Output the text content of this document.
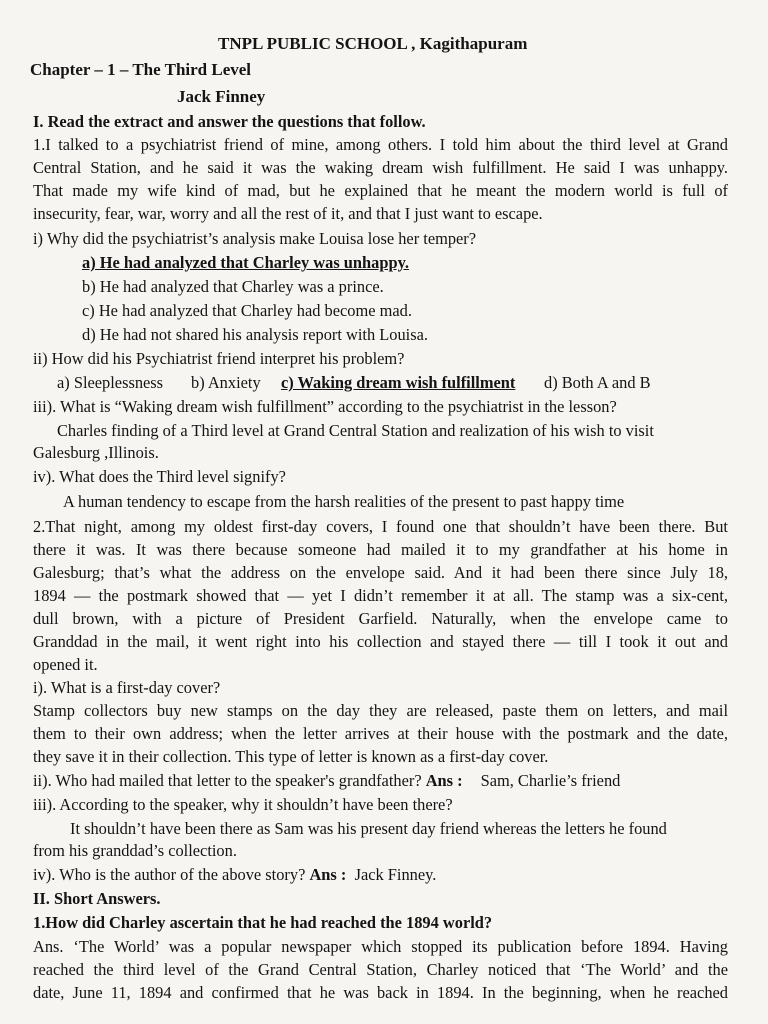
TNPL PUBLIC SCHOOL , Kagithapuram
Chapter – 1 – The Third Level
Jack Finney
I. Read the extract and answer the questions that follow.
1.I talked to a psychiatrist friend of mine, among others. I told him about the third level at Grand
Central Station, and he said it was the waking dream wish fulfillment. He said I was unhappy.
That made my wife kind of mad, but he explained that he meant the modern world is full of
insecurity, fear, war, worry and all the rest of it, and that I just want to escape.
i) Why did the psychiatrist’s analysis make Louisa lose her temper?
a) He had analyzed that Charley was unhappy.
b) He had analyzed that Charley was a prince.
c) He had analyzed that Charley had become mad.
d) He had not shared his analysis report with Louisa.
ii) How did his Psychiatrist friend interpret his problem?
a) Sleeplessness	b) Anxiety	c) Waking dream wish fulfillment	d) Both A and B
iii). What is “Waking dream wish fulfillment” according to the psychiatrist in the lesson?
Charles finding of a Third level at Grand Central Station and realization of his wish to visit
Galesburg ,Illinois.
iv). What does the Third level signify?
A human tendency to escape from the harsh realities of the present to past happy time
2.That night, among my oldest first-day covers, I found one that shouldn’t have been there. But
there it was. It was there because someone had mailed it to my grandfather at his home in
Galesburg; that’s what the address on the envelope said. And it had been there since July 18,
1894 — the postmark showed that — yet I didn’t remember it at all. The stamp was a six-cent,
dull brown, with a picture of President Garfield. Naturally, when the envelope came to
Granddad in the mail, it went right into his collection and stayed there — till I took it out and
opened it.
i). What is a first-day cover?
Stamp collectors buy new stamps on the day they are released, paste them on letters, and mail
them to their own address; when the letter arrives at their house with the postmark and the date,
they save it in their collection. This type of letter is known as a first-day cover.
ii). Who had mailed that letter to the speaker's grandfather? Ans : Sam, Charlie’s friend
iii). According to the speaker, why it shouldn’t have been there?
It shouldn’t have been there as Sam was his present day friend whereas the letters he found
from his granddad’s collection.
iv). Who is the author of the above story? Ans : Jack Finney.
II. Short Answers.
1.How did Charley ascertain that he had reached the 1894 world?
Ans. ‘The World’ was a popular newspaper which stopped its publication before 1894. Having
reached the third level of the Grand Central Station, Charley noticed that ‘The World’ and the
date, June 11, 1894 and confirmed that he was back in 1894. In the beginning, when he reached
